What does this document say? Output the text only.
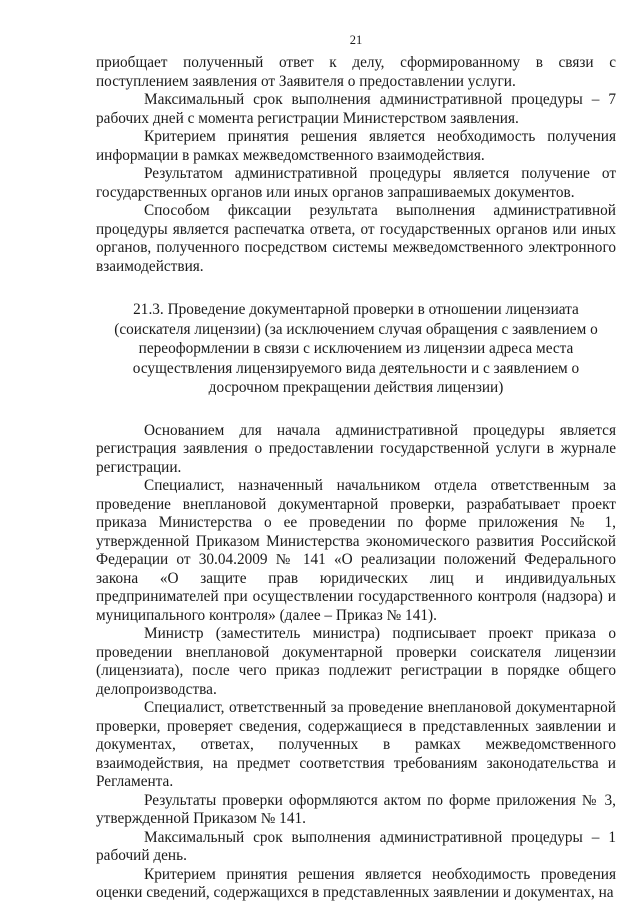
21

приобщает полученный ответ к делу, сформированному в связи с поступлением заявления от Заявителя о предоставлении услуги.

Максимальный срок выполнения административной процедуры – 7 рабочих дней с момента регистрации Министерством заявления.

Критерием принятия решения является необходимость получения информации в рамках межведомственного взаимодействия.

Результатом административной процедуры является получение от государственных органов или иных органов запрашиваемых документов.

Способом фиксации результата выполнения административной процедуры является распечатка ответа, от государственных органов или иных органов, полученного посредством системы межведомственного электронного взаимодействия.

21.3. Проведение документарной проверки в отношении лицензиата (соискателя лицензии) (за исключением случая обращения с заявлением о переоформлении в связи с исключением из лицензии адреса места осуществления лицензируемого вида деятельности и с заявлением о досрочном прекращении действия лицензии)

Основанием для начала административной процедуры является регистрация заявления о предоставлении государственной услуги в журнале регистрации.

Специалист, назначенный начальником отдела ответственным за проведение внеплановой документарной проверки, разрабатывает проект приказа Министерства о ее проведении по форме приложения № 1, утвержденной Приказом Министерства экономического развития Российской Федерации от 30.04.2009 № 141 «О реализации положений Федерального закона «О защите прав юридических лиц и индивидуальных предпринимателей при осуществлении государственного контроля (надзора) и муниципального контроля» (далее – Приказ № 141).

Министр (заместитель министра) подписывает проект приказа о проведении внеплановой документарной проверки соискателя лицензии (лицензиата), после чего приказ подлежит регистрации в порядке общего делопроизводства.

Специалист, ответственный за проведение внеплановой документарной проверки, проверяет сведения, содержащиеся в представленных заявлении и документах, ответах, полученных в рамках межведомственного взаимодействия, на предмет соответствия требованиям законодательства и Регламента.

Результаты проверки оформляются актом по форме приложения № 3, утвержденной Приказом № 141.

Максимальный срок выполнения административной процедуры – 1 рабочий день.

Критерием принятия решения является необходимость проведения оценки сведений, содержащихся в представленных заявлении и документах, на
